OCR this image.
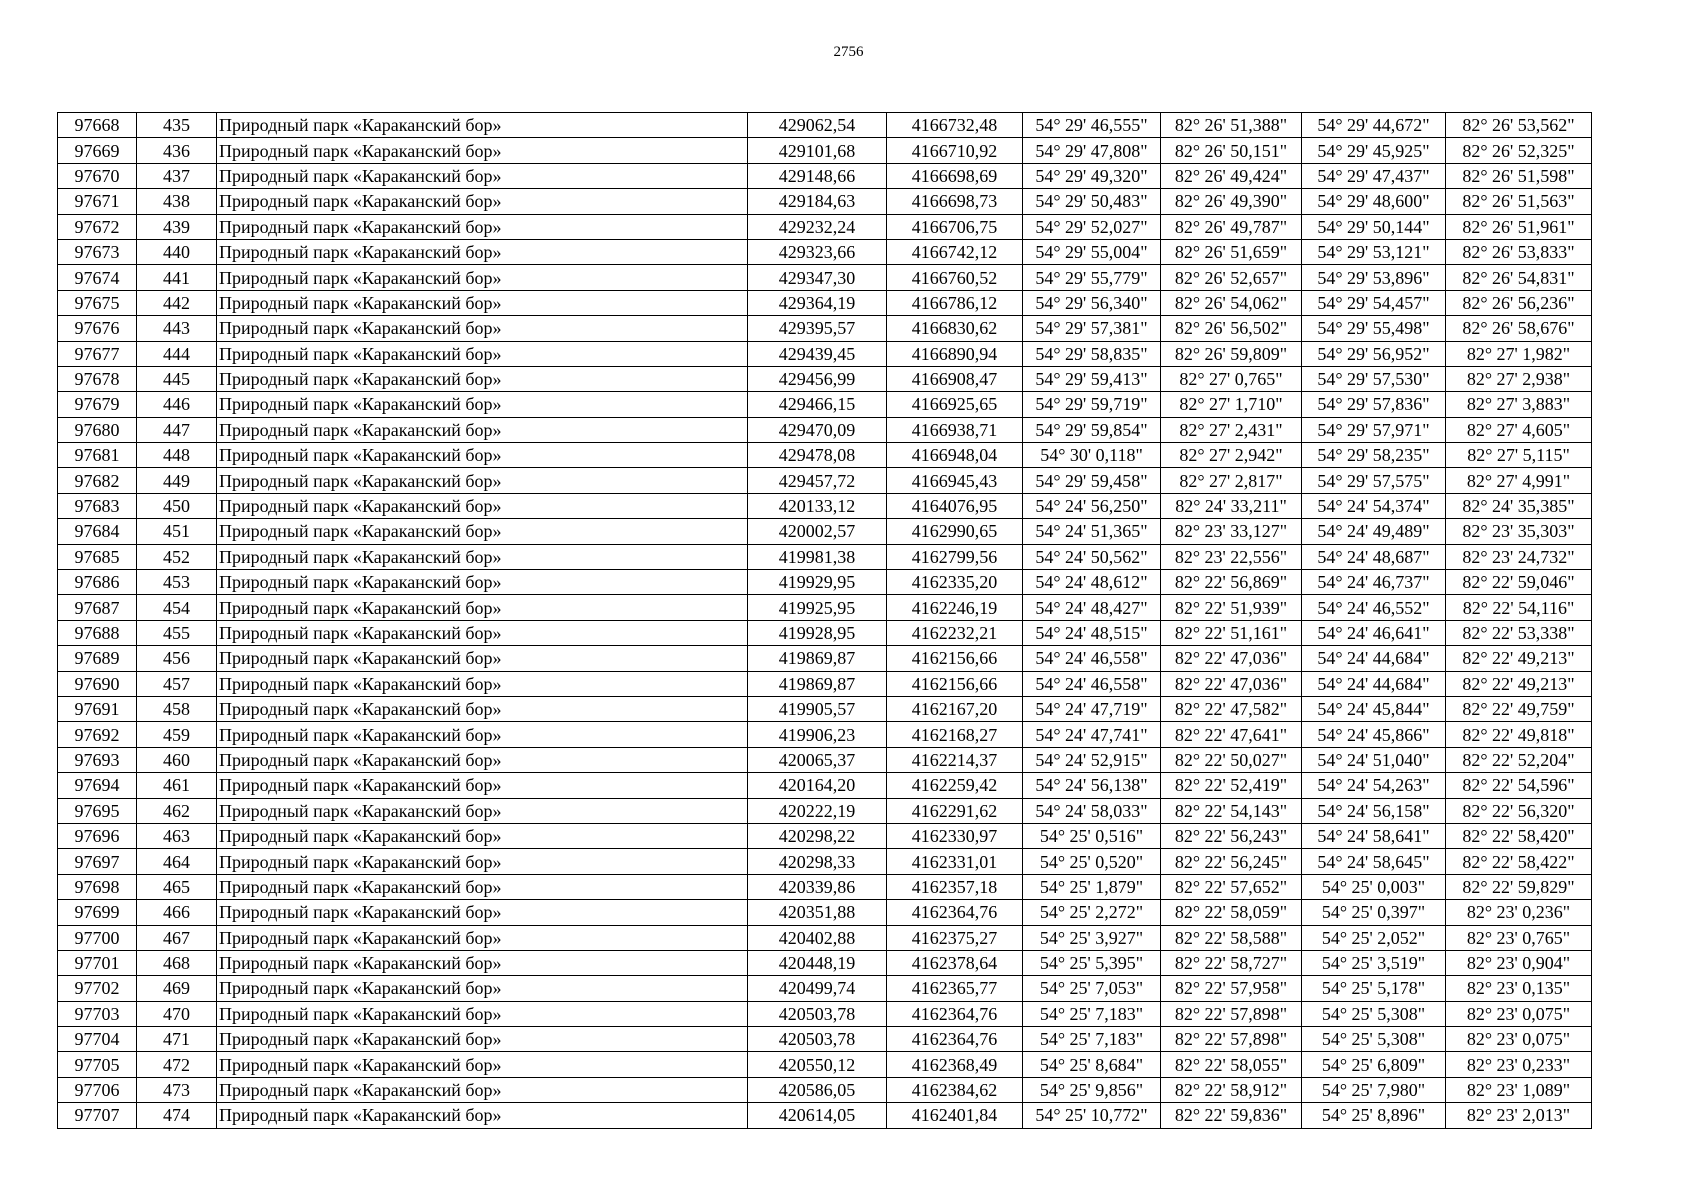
2756
97668	435	Природный парк «Караканский бор»	429062,54	4166732,48	54° 29' 46,555"	82° 26' 51,388"	54° 29' 44,672"	82° 26' 53,562"
97669	436	Природный парк «Караканский бор»	429101,68	4166710,92	54° 29' 47,808"	82° 26' 50,151"	54° 29' 45,925"	82° 26' 52,325"
97670	437	Природный парк «Караканский бор»	429148,66	4166698,69	54° 29' 49,320"	82° 26' 49,424"	54° 29' 47,437"	82° 26' 51,598"
97671	438	Природный парк «Караканский бор»	429184,63	4166698,73	54° 29' 50,483"	82° 26' 49,390"	54° 29' 48,600"	82° 26' 51,563"
97672	439	Природный парк «Караканский бор»	429232,24	4166706,75	54° 29' 52,027"	82° 26' 49,787"	54° 29' 50,144"	82° 26' 51,961"
97673	440	Природный парк «Караканский бор»	429323,66	4166742,12	54° 29' 55,004"	82° 26' 51,659"	54° 29' 53,121"	82° 26' 53,833"
97674	441	Природный парк «Караканский бор»	429347,30	4166760,52	54° 29' 55,779"	82° 26' 52,657"	54° 29' 53,896"	82° 26' 54,831"
97675	442	Природный парк «Караканский бор»	429364,19	4166786,12	54° 29' 56,340"	82° 26' 54,062"	54° 29' 54,457"	82° 26' 56,236"
97676	443	Природный парк «Караканский бор»	429395,57	4166830,62	54° 29' 57,381"	82° 26' 56,502"	54° 29' 55,498"	82° 26' 58,676"
97677	444	Природный парк «Караканский бор»	429439,45	4166890,94	54° 29' 58,835"	82° 26' 59,809"	54° 29' 56,952"	82° 27' 1,982"
97678	445	Природный парк «Караканский бор»	429456,99	4166908,47	54° 29' 59,413"	82° 27' 0,765"	54° 29' 57,530"	82° 27' 2,938"
97679	446	Природный парк «Караканский бор»	429466,15	4166925,65	54° 29' 59,719"	82° 27' 1,710"	54° 29' 57,836"	82° 27' 3,883"
97680	447	Природный парк «Караканский бор»	429470,09	4166938,71	54° 29' 59,854"	82° 27' 2,431"	54° 29' 57,971"	82° 27' 4,605"
97681	448	Природный парк «Караканский бор»	429478,08	4166948,04	54° 30' 0,118"	82° 27' 2,942"	54° 29' 58,235"	82° 27' 5,115"
97682	449	Природный парк «Караканский бор»	429457,72	4166945,43	54° 29' 59,458"	82° 27' 2,817"	54° 29' 57,575"	82° 27' 4,991"
97683	450	Природный парк «Караканский бор»	420133,12	4164076,95	54° 24' 56,250"	82° 24' 33,211"	54° 24' 54,374"	82° 24' 35,385"
97684	451	Природный парк «Караканский бор»	420002,57	4162990,65	54° 24' 51,365"	82° 23' 33,127"	54° 24' 49,489"	82° 23' 35,303"
97685	452	Природный парк «Караканский бор»	419981,38	4162799,56	54° 24' 50,562"	82° 23' 22,556"	54° 24' 48,687"	82° 23' 24,732"
97686	453	Природный парк «Караканский бор»	419929,95	4162335,20	54° 24' 48,612"	82° 22' 56,869"	54° 24' 46,737"	82° 22' 59,046"
97687	454	Природный парк «Караканский бор»	419925,95	4162246,19	54° 24' 48,427"	82° 22' 51,939"	54° 24' 46,552"	82° 22' 54,116"
97688	455	Природный парк «Караканский бор»	419928,95	4162232,21	54° 24' 48,515"	82° 22' 51,161"	54° 24' 46,641"	82° 22' 53,338"
97689	456	Природный парк «Караканский бор»	419869,87	4162156,66	54° 24' 46,558"	82° 22' 47,036"	54° 24' 44,684"	82° 22' 49,213"
97690	457	Природный парк «Караканский бор»	419869,87	4162156,66	54° 24' 46,558"	82° 22' 47,036"	54° 24' 44,684"	82° 22' 49,213"
97691	458	Природный парк «Караканский бор»	419905,57	4162167,20	54° 24' 47,719"	82° 22' 47,582"	54° 24' 45,844"	82° 22' 49,759"
97692	459	Природный парк «Караканский бор»	419906,23	4162168,27	54° 24' 47,741"	82° 22' 47,641"	54° 24' 45,866"	82° 22' 49,818"
97693	460	Природный парк «Караканский бор»	420065,37	4162214,37	54° 24' 52,915"	82° 22' 50,027"	54° 24' 51,040"	82° 22' 52,204"
97694	461	Природный парк «Караканский бор»	420164,20	4162259,42	54° 24' 56,138"	82° 22' 52,419"	54° 24' 54,263"	82° 22' 54,596"
97695	462	Природный парк «Караканский бор»	420222,19	4162291,62	54° 24' 58,033"	82° 22' 54,143"	54° 24' 56,158"	82° 22' 56,320"
97696	463	Природный парк «Караканский бор»	420298,22	4162330,97	54° 25' 0,516"	82° 22' 56,243"	54° 24' 58,641"	82° 22' 58,420"
97697	464	Природный парк «Караканский бор»	420298,33	4162331,01	54° 25' 0,520"	82° 22' 56,245"	54° 24' 58,645"	82° 22' 58,422"
97698	465	Природный парк «Караканский бор»	420339,86	4162357,18	54° 25' 1,879"	82° 22' 57,652"	54° 25' 0,003"	82° 22' 59,829"
97699	466	Природный парк «Караканский бор»	420351,88	4162364,76	54° 25' 2,272"	82° 22' 58,059"	54° 25' 0,397"	82° 23' 0,236"
97700	467	Природный парк «Караканский бор»	420402,88	4162375,27	54° 25' 3,927"	82° 22' 58,588"	54° 25' 2,052"	82° 23' 0,765"
97701	468	Природный парк «Караканский бор»	420448,19	4162378,64	54° 25' 5,395"	82° 22' 58,727"	54° 25' 3,519"	82° 23' 0,904"
97702	469	Природный парк «Караканский бор»	420499,74	4162365,77	54° 25' 7,053"	82° 22' 57,958"	54° 25' 5,178"	82° 23' 0,135"
97703	470	Природный парк «Караканский бор»	420503,78	4162364,76	54° 25' 7,183"	82° 22' 57,898"	54° 25' 5,308"	82° 23' 0,075"
97704	471	Природный парк «Караканский бор»	420503,78	4162364,76	54° 25' 7,183"	82° 22' 57,898"	54° 25' 5,308"	82° 23' 0,075"
97705	472	Природный парк «Караканский бор»	420550,12	4162368,49	54° 25' 8,684"	82° 22' 58,055"	54° 25' 6,809"	82° 23' 0,233"
97706	473	Природный парк «Караканский бор»	420586,05	4162384,62	54° 25' 9,856"	82° 22' 58,912"	54° 25' 7,980"	82° 23' 1,089"
97707	474	Природный парк «Караканский бор»	420614,05	4162401,84	54° 25' 10,772"	82° 22' 59,836"	54° 25' 8,896"	82° 23' 2,013"
